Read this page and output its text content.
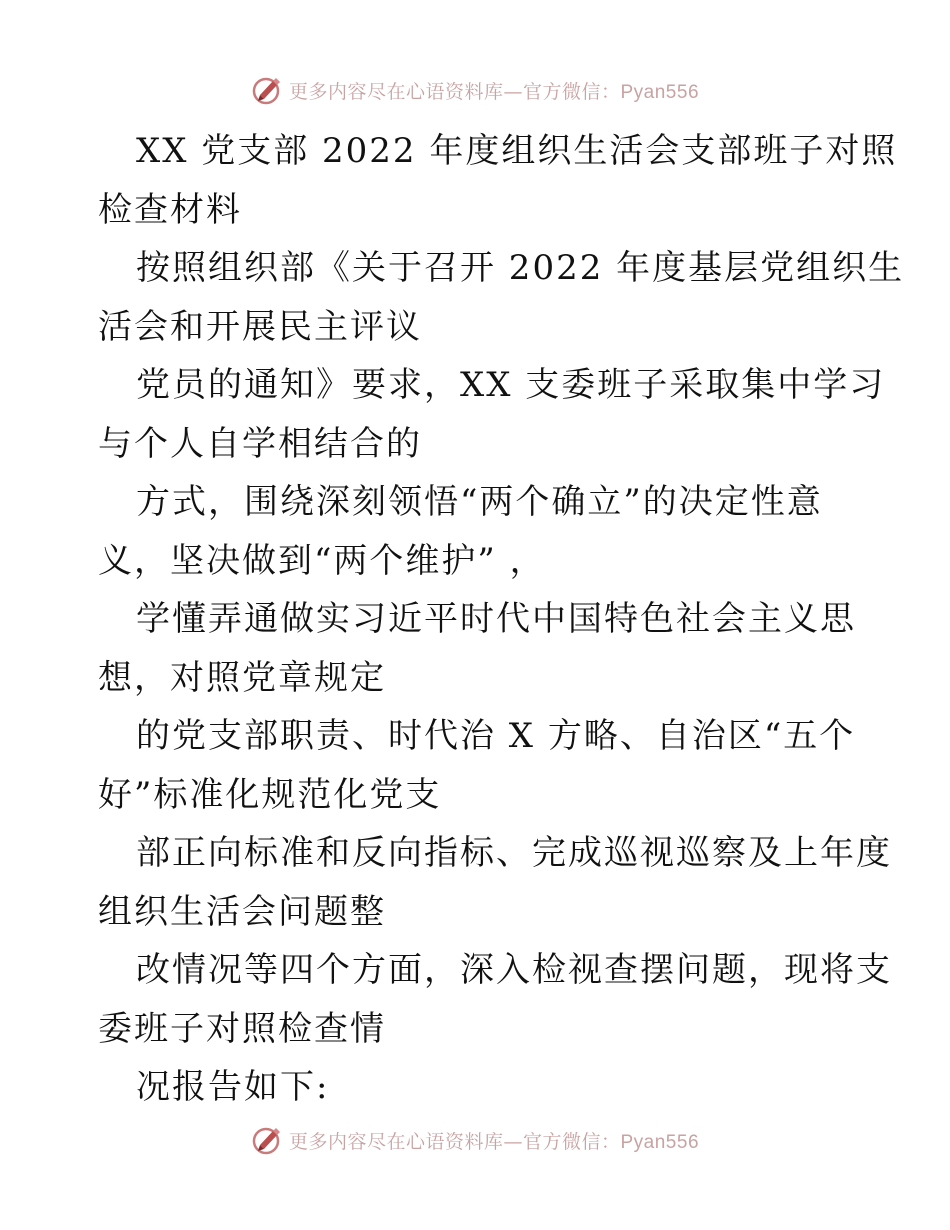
更多内容尽在心语资料库—官方微信：Pyan556
XX 党支部 2022 年度组织生活会支部班子对照
检查材料
按照组织部《关于召开 2022 年度基层党组织生
活会和开展民主评议
党员的通知》要求，XX 支委班子采取集中学习
与个人自学相结合的
方式，围绕深刻领悟“两个确立”的决定性意
义，坚决做到“两个维护” ，
学懂弄通做实习近平时代中国特色社会主义思
想，对照党章规定
的党支部职责、时代治 X 方略、自治区“五个
好”标准化规范化党支
部正向标准和反向指标、完成巡视巡察及上年度
组织生活会问题整
改情况等四个方面，深入检视查摆问题，现将支
委班子对照检查情
况报告如下:
更多内容尽在心语资料库—官方微信：Pyan556
